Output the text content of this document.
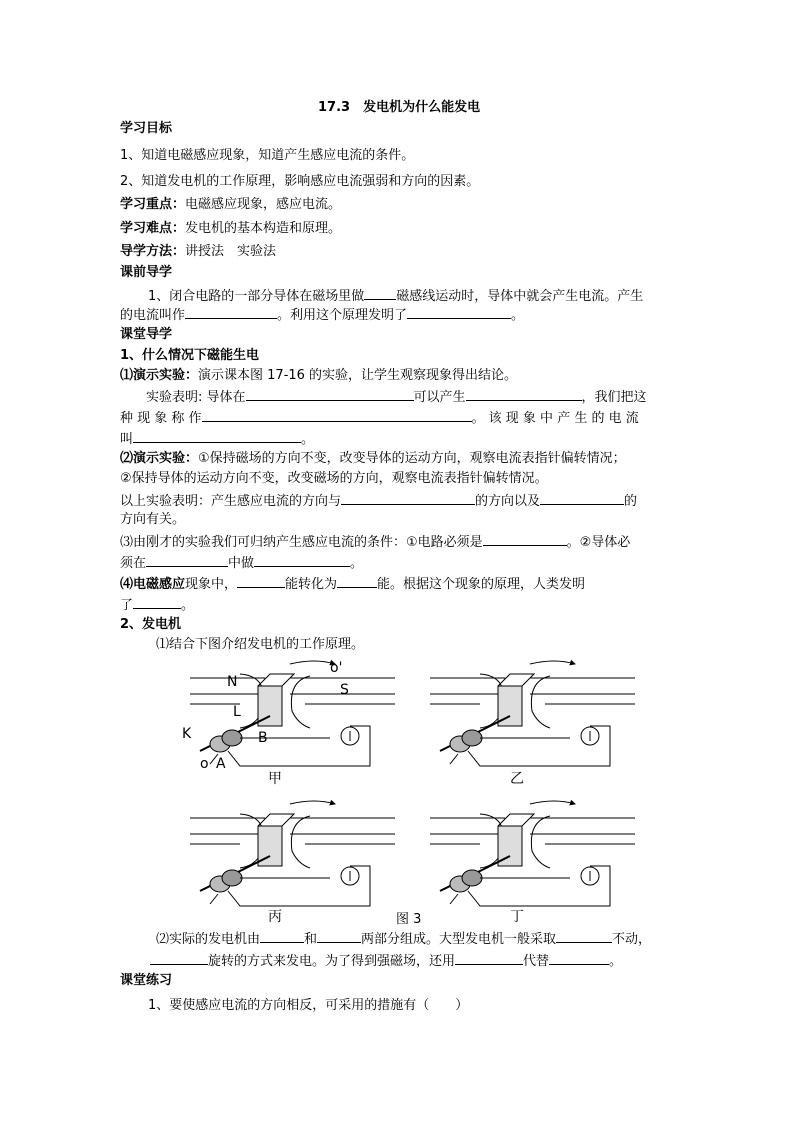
17.3　发电机为什么能发电
学习目标
1、知道电磁感应现象，知道产生感应电流的条件。
2、知道发电机的工作原理，影响感应电流强弱和方向的因素。
学习重点：电磁感应现象，感应电流。
学习难点：发电机的基本构造和原理。
导学方法：讲授法　实验法
课前导学
1、闭合电路的一部分导体在磁场里做 磁感线运动时，导体中就会产生电流。产生
的电流叫作	。利用这个原理发明了	。
课堂导学
1、什么情况下磁能生电
⑴演示实验：演示课本图 17-16 的实验，让学生观察现象得出结论。
实验表明: 导体在	可以产生	，我们把这
种 现 象 称 作	。 该 现 象 中 产 生 的 电 流
叫	。
⑵演示实验：①保持磁场的方向不变，改变导体的运动方向，观察电流表指针偏转情况；
②保持导体的运动方向不变，改变磁场的方向，观察电流表指针偏转情况。
以上实验表明：产生感应电流的方向与	的方向以及	的
方向有关。
⑶由刚才的实验我们可归纳产生感应电流的条件：①电路必须是	。②导体必
须在	中做	。
⑷电磁感应现象中，	能转化为	能。根据这个现象的原理，人类发明
了	。
2、发电机
⑴结合下图介绍发电机的工作原理。
N	S
K
A
B
L
o
o'
甲	乙
丙	丁
图 3
⑵实际的发电机由	和	两部分组成。大型发电机一般采取	不动，
旋转的方式来发电。为了得到强磁场，还用	代替	。
课堂练习
1、要使感应电流的方向相反，可采用的措施有（　　）
